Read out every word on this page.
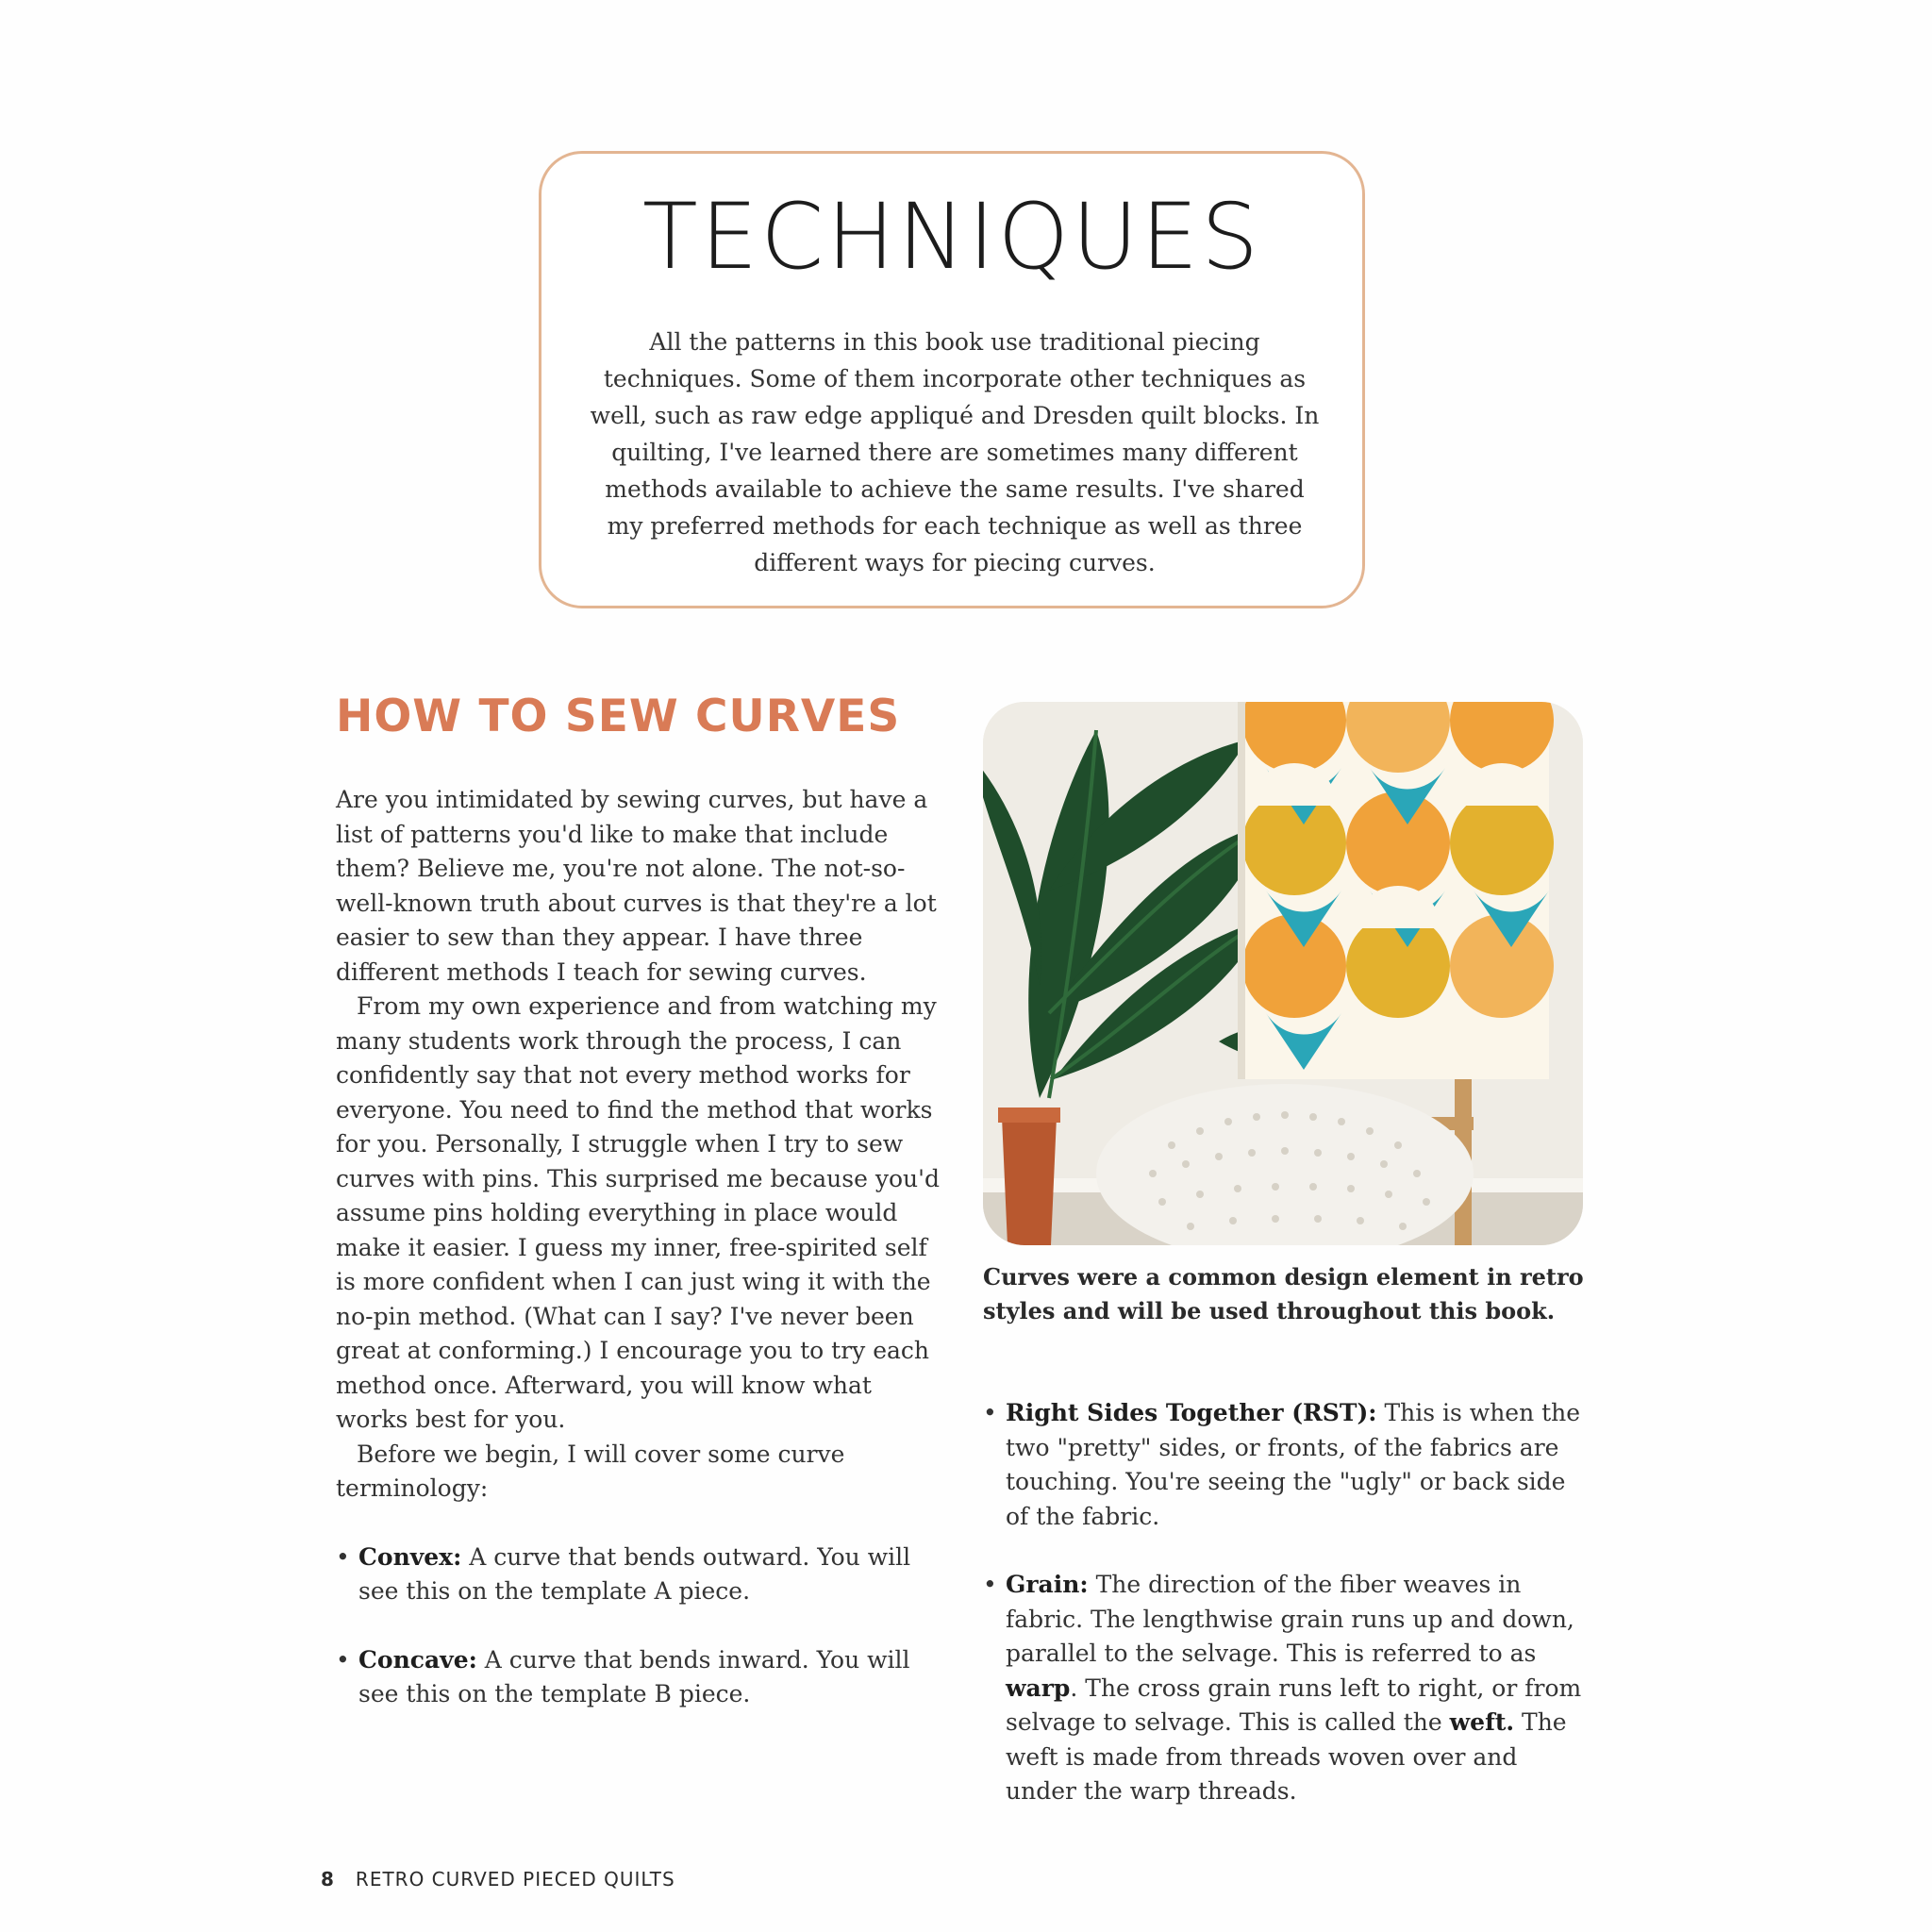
TECHNIQUES

All the patterns in this book use traditional piecing techniques. Some of them incorporate other techniques as well, such as raw edge appliqué and Dresden quilt blocks. In quilting, I've learned there are sometimes many different methods available to achieve the same results. I've shared my preferred methods for each technique as well as three different ways for piecing curves.

HOW TO SEW CURVES

Are you intimidated by sewing curves, but have a list of patterns you'd like to make that include them? Believe me, you're not alone. The not-so-well-known truth about curves is that they're a lot easier to sew than they appear. I have three different methods I teach for sewing curves.

From my own experience and from watching my many students work through the process, I can confidently say that not every method works for everyone. You need to find the method that works for you. Personally, I struggle when I try to sew curves with pins. This surprised me because you'd assume pins holding everything in place would make it easier. I guess my inner, free-spirited self is more confident when I can just wing it with the no-pin method. (What can I say? I've never been great at conforming.) I encourage you to try each method once. Afterward, you will know what works best for you.

Before we begin, I will cover some curve terminology:

• Convex: A curve that bends outward. You will see this on the template A piece.
• Concave: A curve that bends inward. You will see this on the template B piece.

Curves were a common design element in retro styles and will be used throughout this book.

• Right Sides Together (RST): This is when the two "pretty" sides, or fronts, of the fabrics are touching. You're seeing the "ugly" or back side of the fabric.
• Grain: The direction of the fiber weaves in fabric. The lengthwise grain runs up and down, parallel to the selvage. This is referred to as warp. The cross grain runs left to right, or from selvage to selvage. This is called the weft. The weft is made from threads woven over and under the warp threads.
8 RETRO CURVED PIECED QUILTS
